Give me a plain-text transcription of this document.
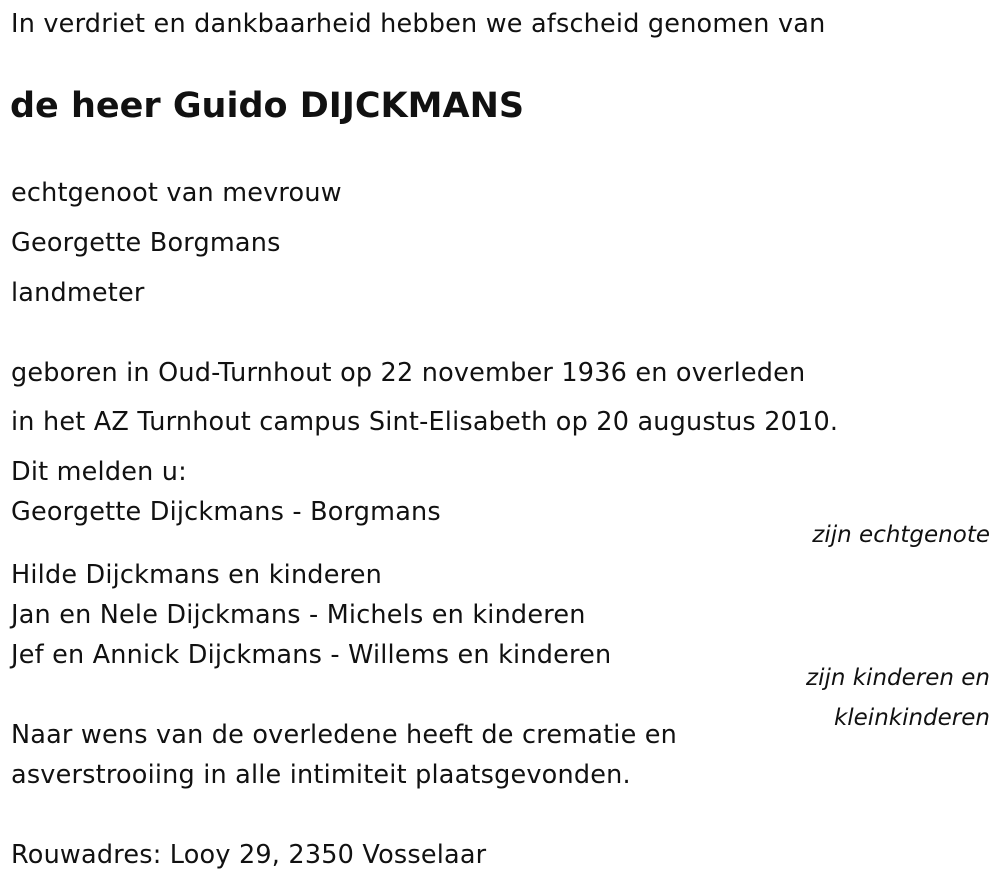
In verdriet en dankbaarheid hebben we afscheid genomen van
de heer Guido DIJCKMANS
echtgenoot van mevrouw
Georgette Borgmans
landmeter
geboren in Oud-Turnhout op 22 november 1936 en overleden
in het AZ Turnhout campus Sint-Elisabeth op 20 augustus 2010.
Dit melden u:
Georgette Dijckmans - Borgmans
zijn echtgenote
Hilde Dijckmans en kinderen
Jan en Nele Dijckmans - Michels en kinderen
Jef en Annick Dijckmans - Willems en kinderen
zijn kinderen en
kleinkinderen
Naar wens van de overledene heeft de crematie en
asverstrooiing in alle intimiteit plaatsgevonden.
Rouwadres: Looy 29, 2350 Vosselaar
